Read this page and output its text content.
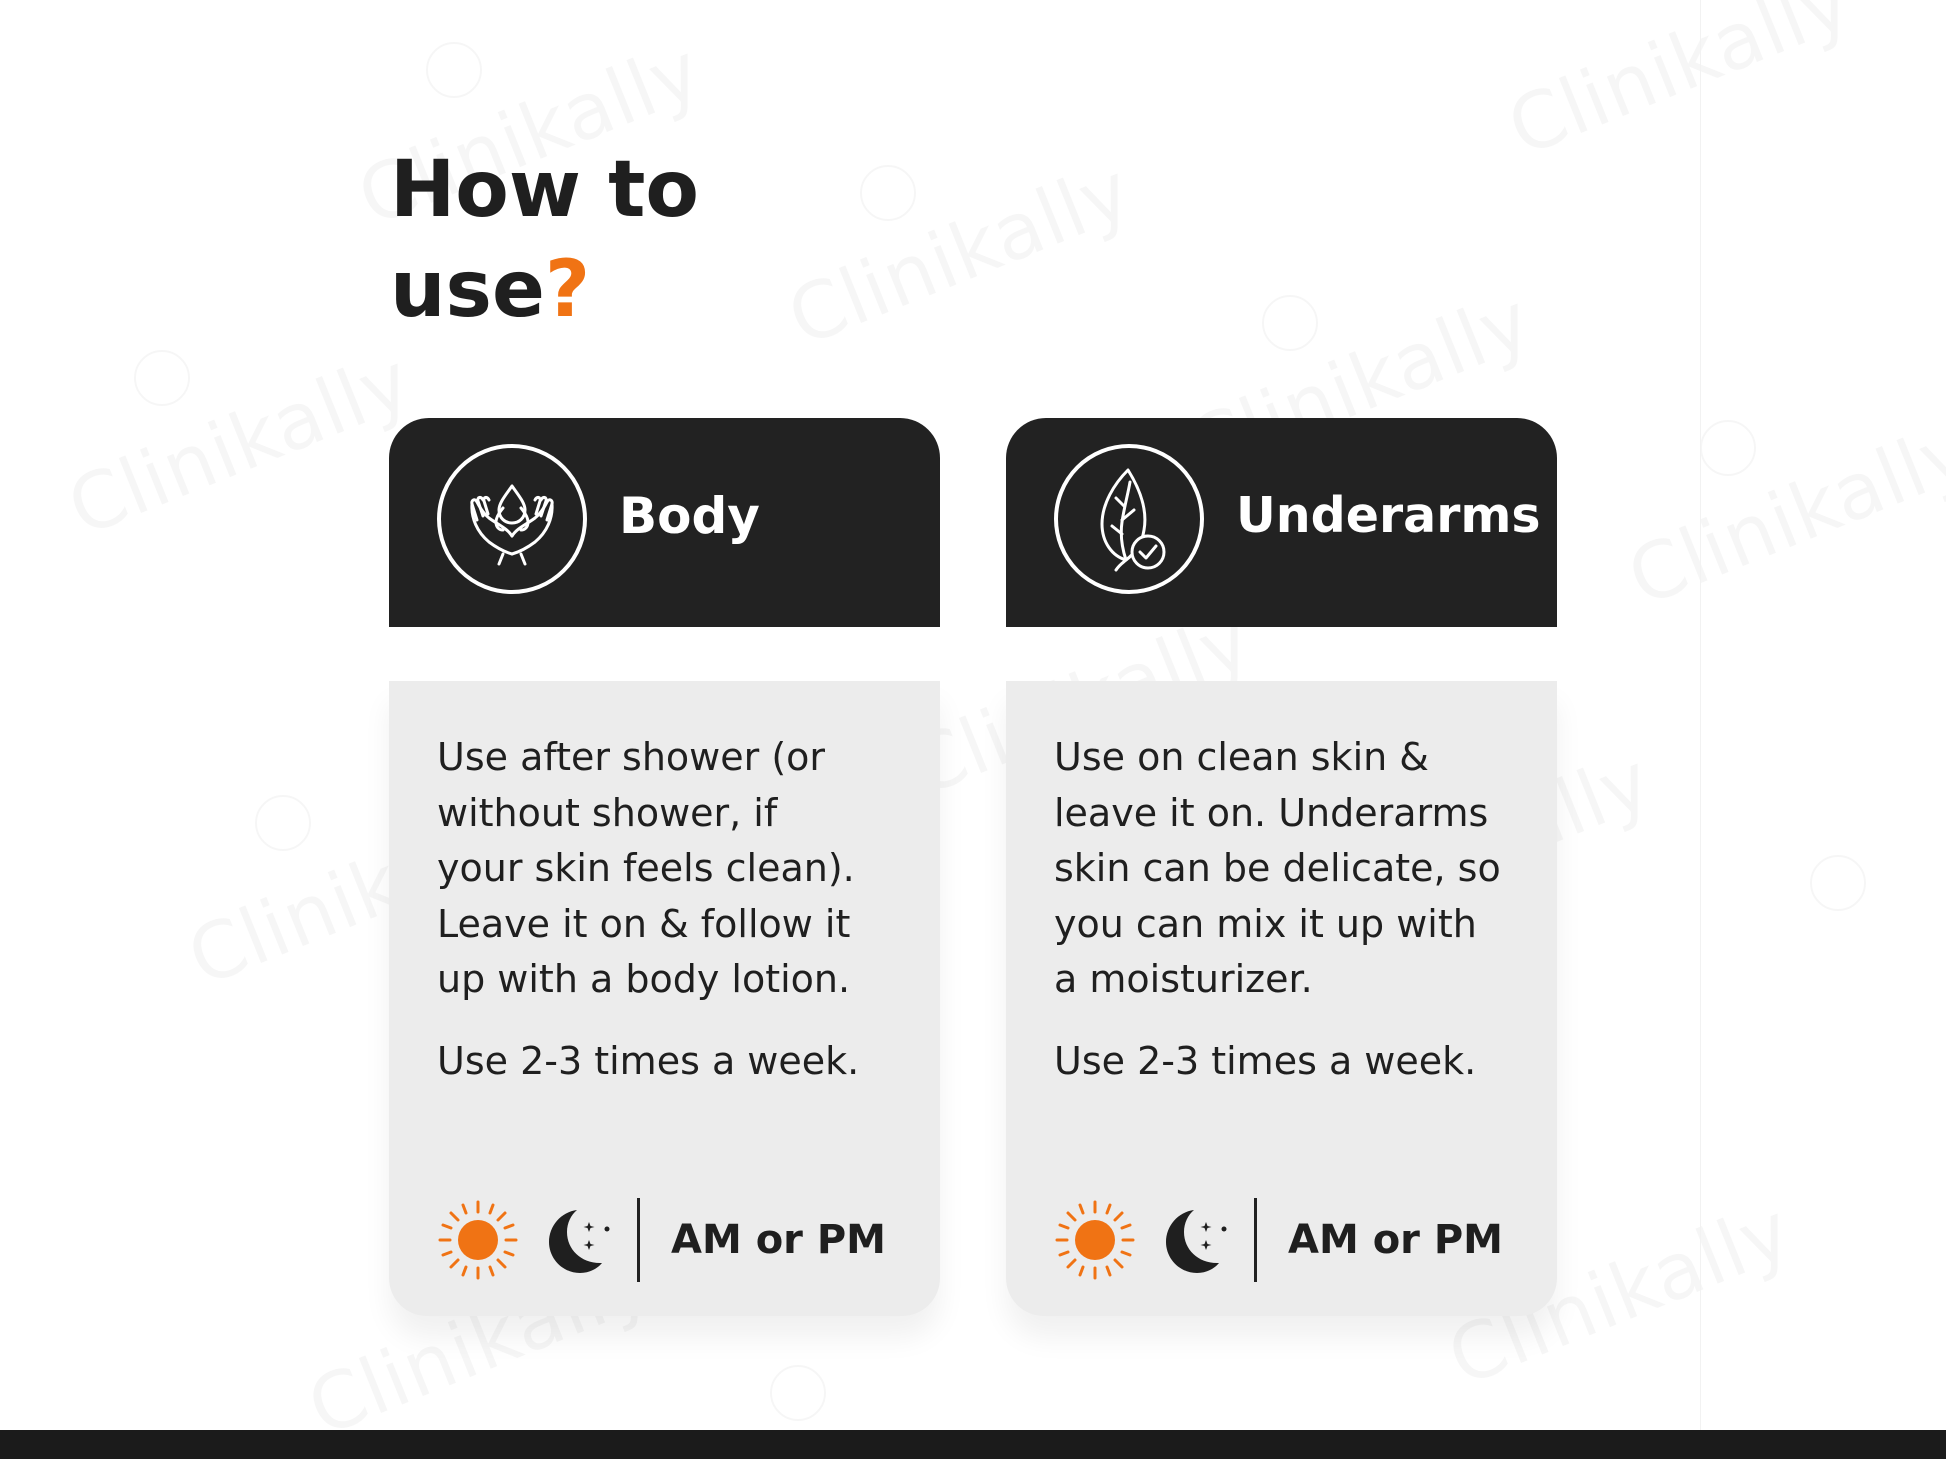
How to
use?
Body
Use after shower (or
without shower, if
your skin feels clean).
Leave it on & follow it
up with a body lotion.
Use 2-3 times a week.
AM or PM
Underarms
Use on clean skin &
leave it on. Underarms
skin can be delicate, so
you can mix it up with
a moisturizer.
Use 2-3 times a week.
AM or PM
